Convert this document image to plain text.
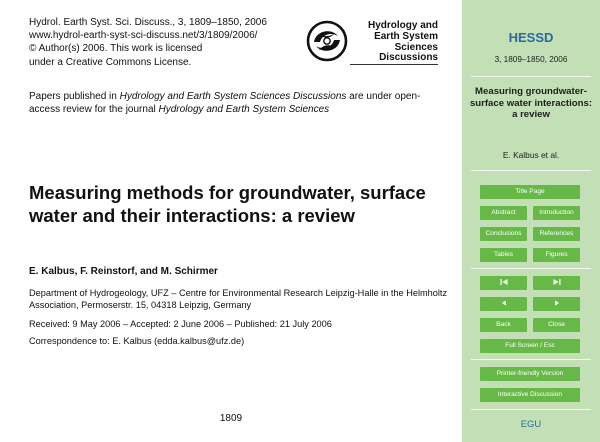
Hydrol. Earth Syst. Sci. Discuss., 3, 1809–1850, 2006
www.hydrol-earth-syst-sci-discuss.net/3/1809/2006/
© Author(s) 2006. This work is licensed
under a Creative Commons License.
Hydrology and
Earth System
Sciences
Discussions
Papers published in Hydrology and Earth System Sciences Discussions are under open-access review for the journal Hydrology and Earth System Sciences
Measuring methods for groundwater, surface water and their interactions: a review
E. Kalbus, F. Reinstorf, and M. Schirmer
Department of Hydrogeology, UFZ – Centre for Environmental Research Leipzig-Halle in the Helmholtz Association, Permoserstr. 15, 04318 Leipzig, Germany
Received: 9 May 2006 – Accepted: 2 June 2006 – Published: 21 July 2006
Correspondence to: E. Kalbus (edda.kalbus@ufz.de)
1809
HESSD
3, 1809–1850, 2006
Measuring groundwater-surface water interactions: a review
E. Kalbus et al.
Title Page
Abstract	Introduction
Conclusions	References
Tables	Figures
Back	Close
Full Screen / Esc
Printer-friendly Version
Interactive Discussion
EGU
